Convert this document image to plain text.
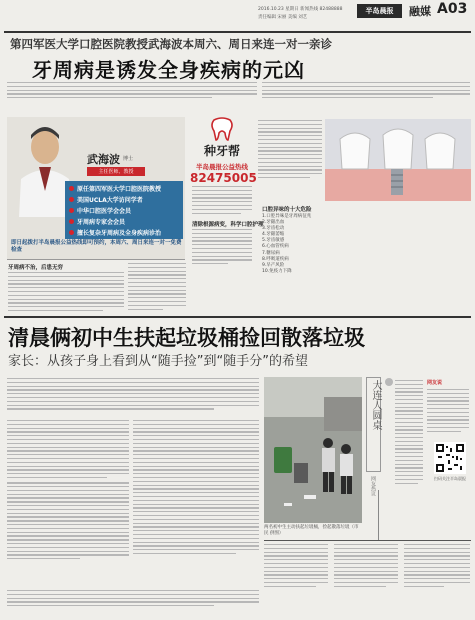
2016.10.23 星期日 新闻热线 82488888
责任编辑 宋丽 美编 刘艺
半岛晨报 融媒 A03
第四军医大学口腔医院教授武海波本周六、周日来连一对一亲诊
牙周病是诱发全身疾病的元凶
武海波 博士
主任医师、教授
原任第四军医大学口腔医院教授
美国UCLA大学访问学者
中华口腔医学会会员
牙周病专家会会员
擅长复杂牙周病及全身疾病诊治
即日起拨打半岛晨报公益热线即可预约，本周六、周日来连一对一免费检查
种牙帮
半岛晨报公益热线
82475005
清除根源病变，科学口腔护理
口腔异味的十大危险
1.口腔异味是牙周病征兆
2.牙龈出血
3.牙齿松动
4.牙龈萎缩
5.牙齿敏感
6.心血管疾病
7.糖尿病
8.呼吸道疾病
9.早产风险
10.免疫力下降
牙周病不治，后患无穷
清晨俩初中生扶起垃圾桶捡回散落垃圾
家长：从孩子身上看到从“随手捡”到“随手分”的希望
两名初中生主动扶起垃圾桶，捡起散落垃圾（市民 供图）
大连人圆桌
网友热议
网友说
扫码关注半岛晨报
